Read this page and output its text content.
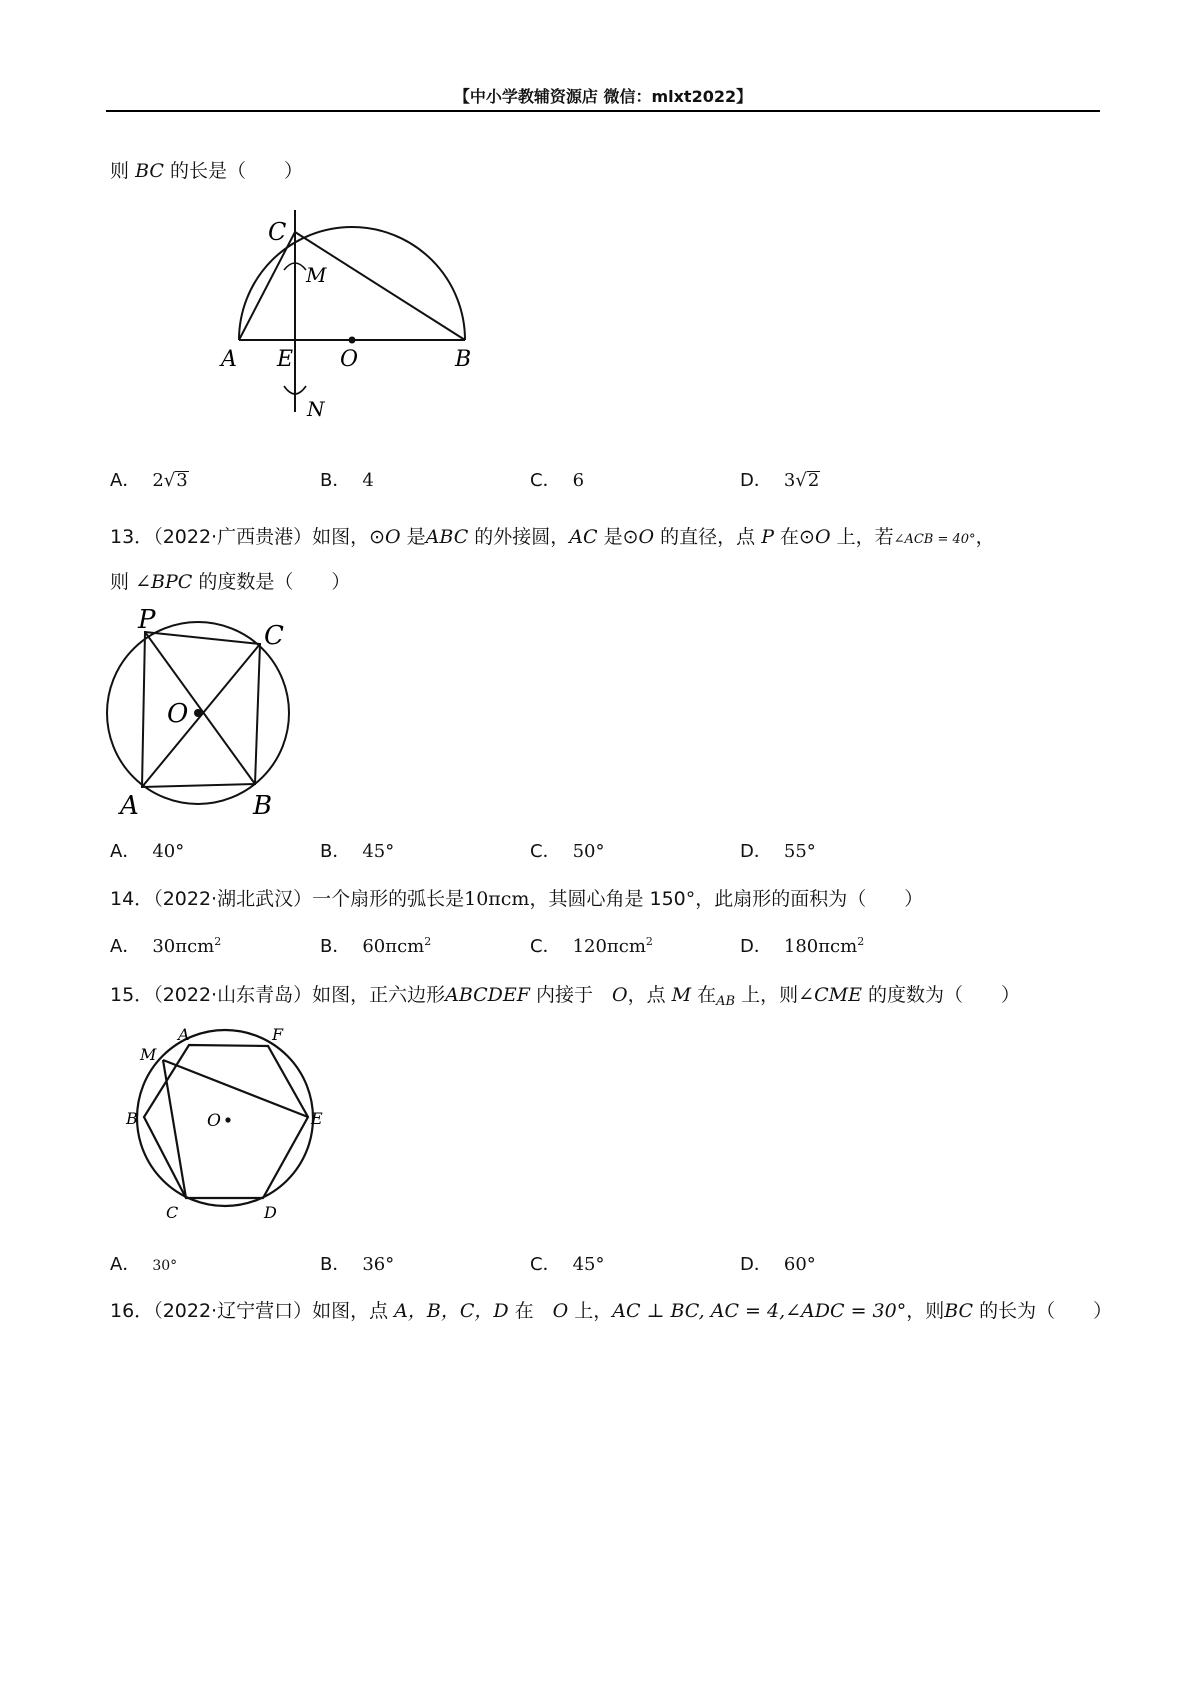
【中小学教辅资源店 微信：mlxt2022】
则 BC 的长是（　　）
C
M
A E O	B
N
A． 2√3	B． 4	C． 6	D． 3√2
13．（2022·广西贵港）如图，⊙O 是ABC 的外接圆，AC 是⊙O 的直径，点 P 在⊙O 上，若∠ACB = 40°，
则 ∠BPC 的度数是（　　）
P
C
O
A	B
A． 40°	B． 45°	C． 50°	D． 55°
14．（2022·湖北武汉）一个扇形的弧长是10πcm，其圆心角是 150°，此扇形的面积为（　　）
A． 30πcm$^2$	B． 60πcm$^2$	C． 120πcm$^2$	D． 180πcm$^2$
15．（2022·山东青岛）如图，正六边形ABCDEF 内接于  O，点 M 在$_{AB}$ 上，则∠CME 的度数为（　　）
A	F
M
B	O	E
C	D
A． 30°	B． 36°	C． 45°	D． 60°
16．（2022·辽宁营口）如图，点 A，B，C，D 在  O 上，AC ⊥ BC, AC = 4,∠ADC = 30°，则BC 的长为（　　）
